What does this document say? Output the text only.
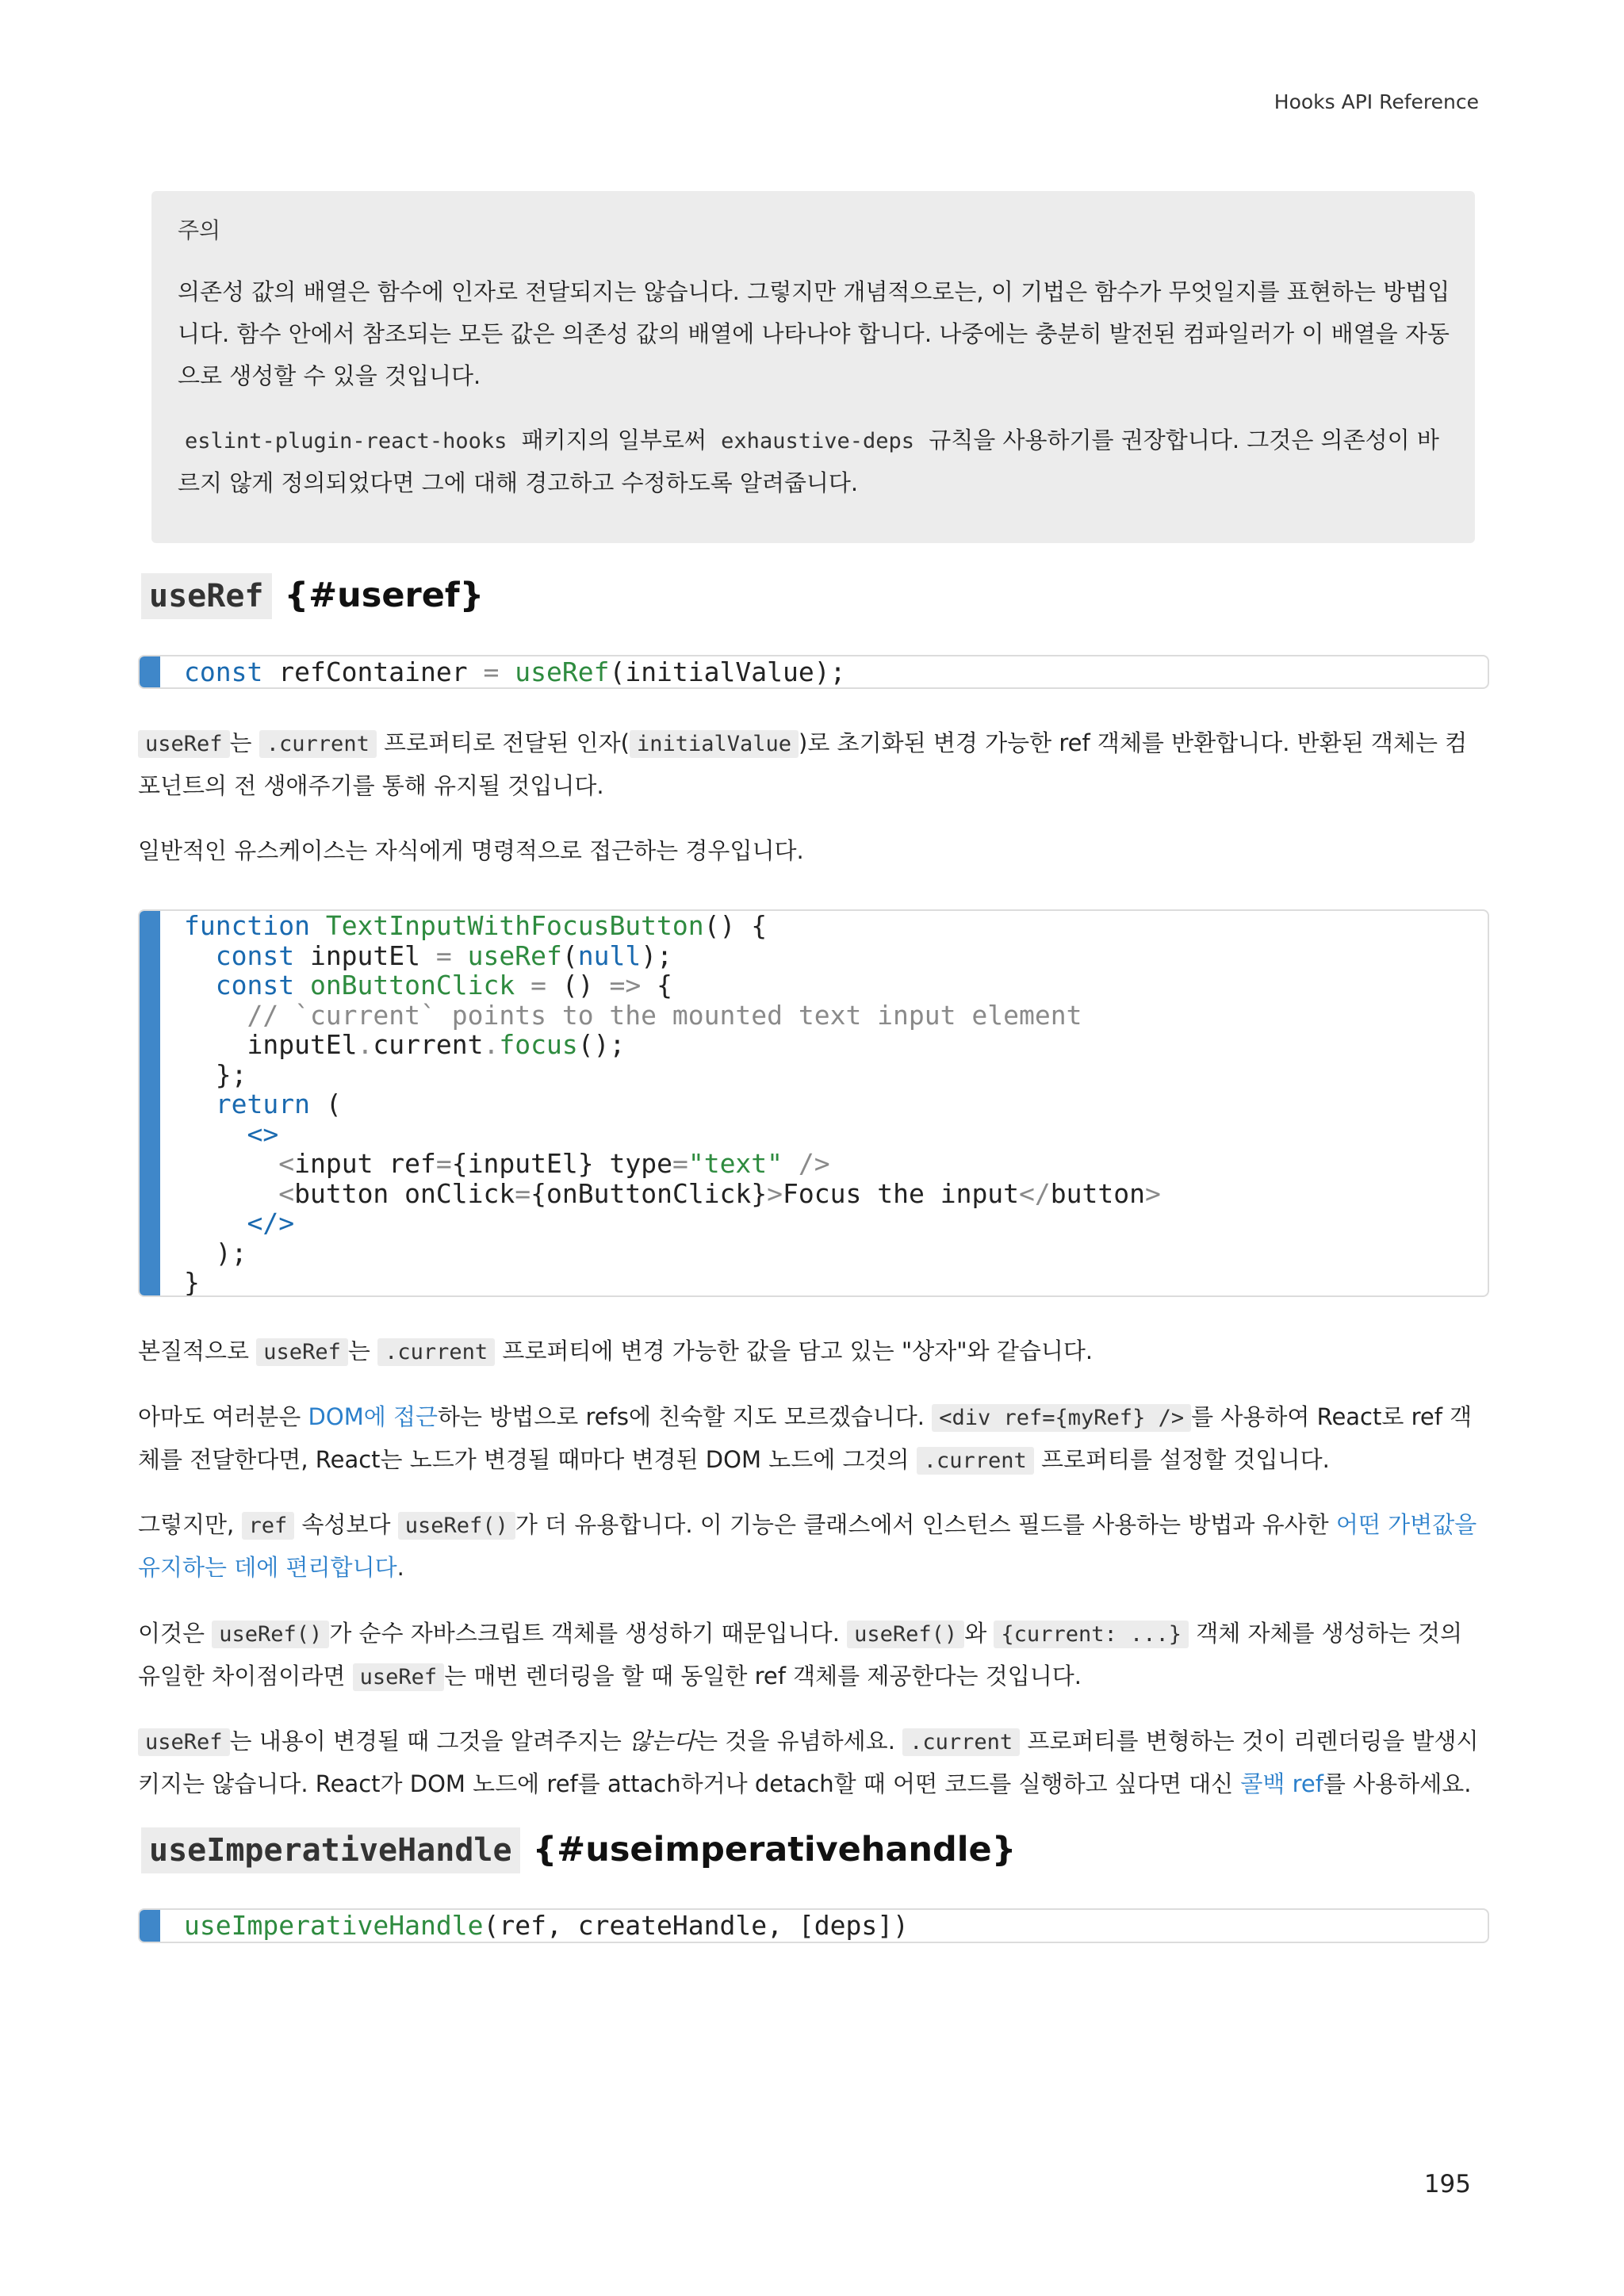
Hooks API Reference
주의
의존성 값의 배열은 함수에 인자로 전달되지는 않습니다. 그렇지만 개념적으로는, 이 기법은 함수가 무엇일지를 표현하는 방법입니다. 함수 안에서 참조되는 모든 값은 의존성 값의 배열에 나타나야 합니다. 나중에는 충분히 발전된 컴파일러가 이 배열을 자동으로 생성할 수 있을 것입니다.
eslint-plugin-react-hooks 패키지의 일부로써 exhaustive-deps 규칙을 사용하기를 권장합니다. 그것은 의존성이 바르지 않게 정의되었다면 그에 대해 경고하고 수정하도록 알려줍니다.
useRef {#useref}
const refContainer = useRef(initialValue);
useRef 는 .current 프로퍼티로 전달된 인자( initialValue )로 초기화된 변경 가능한 ref 객체를 반환합니다. 반환된 객체는 컴포넌트의 전 생애주기를 통해 유지될 것입니다.
일반적인 유스케이스는 자식에게 명령적으로 접근하는 경우입니다.
function TextInputWithFocusButton() {
const inputEl = useRef(null);
const onButtonClick = () => {
// `current` points to the mounted text input element
inputEl.current.focus();
};
return (
<>
<input ref={inputEl} type="text" />
<button onClick={onButtonClick}>Focus the input</button>
</>
);
}
본질적으로 useRef 는 .current 프로퍼티에 변경 가능한 값을 담고 있는 "상자"와 같습니다.
아마도 여러분은 DOM에 접근하는 방법으로 refs에 친숙할 지도 모르겠습니다. <div ref={myRef} /> 를 사용하여 React로 ref 객체를 전달한다면, React는 노드가 변경될 때마다 변경된 DOM 노드에 그것의 .current 프로퍼티를 설정할 것입니다.
그렇지만, ref 속성보다 useRef() 가 더 유용합니다. 이 기능은 클래스에서 인스턴스 필드를 사용하는 방법과 유사한 어떤 가변값을 유지하는 데에 편리합니다.
이것은 useRef() 가 순수 자바스크립트 객체를 생성하기 때문입니다. useRef() 와 {current: ...} 객체 자체를 생성하는 것의 유일한 차이점이라면 useRef 는 매번 렌더링을 할 때 동일한 ref 객체를 제공한다는 것입니다.
useRef 는 내용이 변경될 때 그것을 알려주지는 않는다는 것을 유념하세요. .current 프로퍼티를 변형하는 것이 리렌더링을 발생시키지는 않습니다. React가 DOM 노드에 ref를 attach하거나 detach할 때 어떤 코드를 실행하고 싶다면 대신 콜백 ref를 사용하세요.
useImperativeHandle {#useimperativehandle}
useImperativeHandle(ref, createHandle, [deps])
195
